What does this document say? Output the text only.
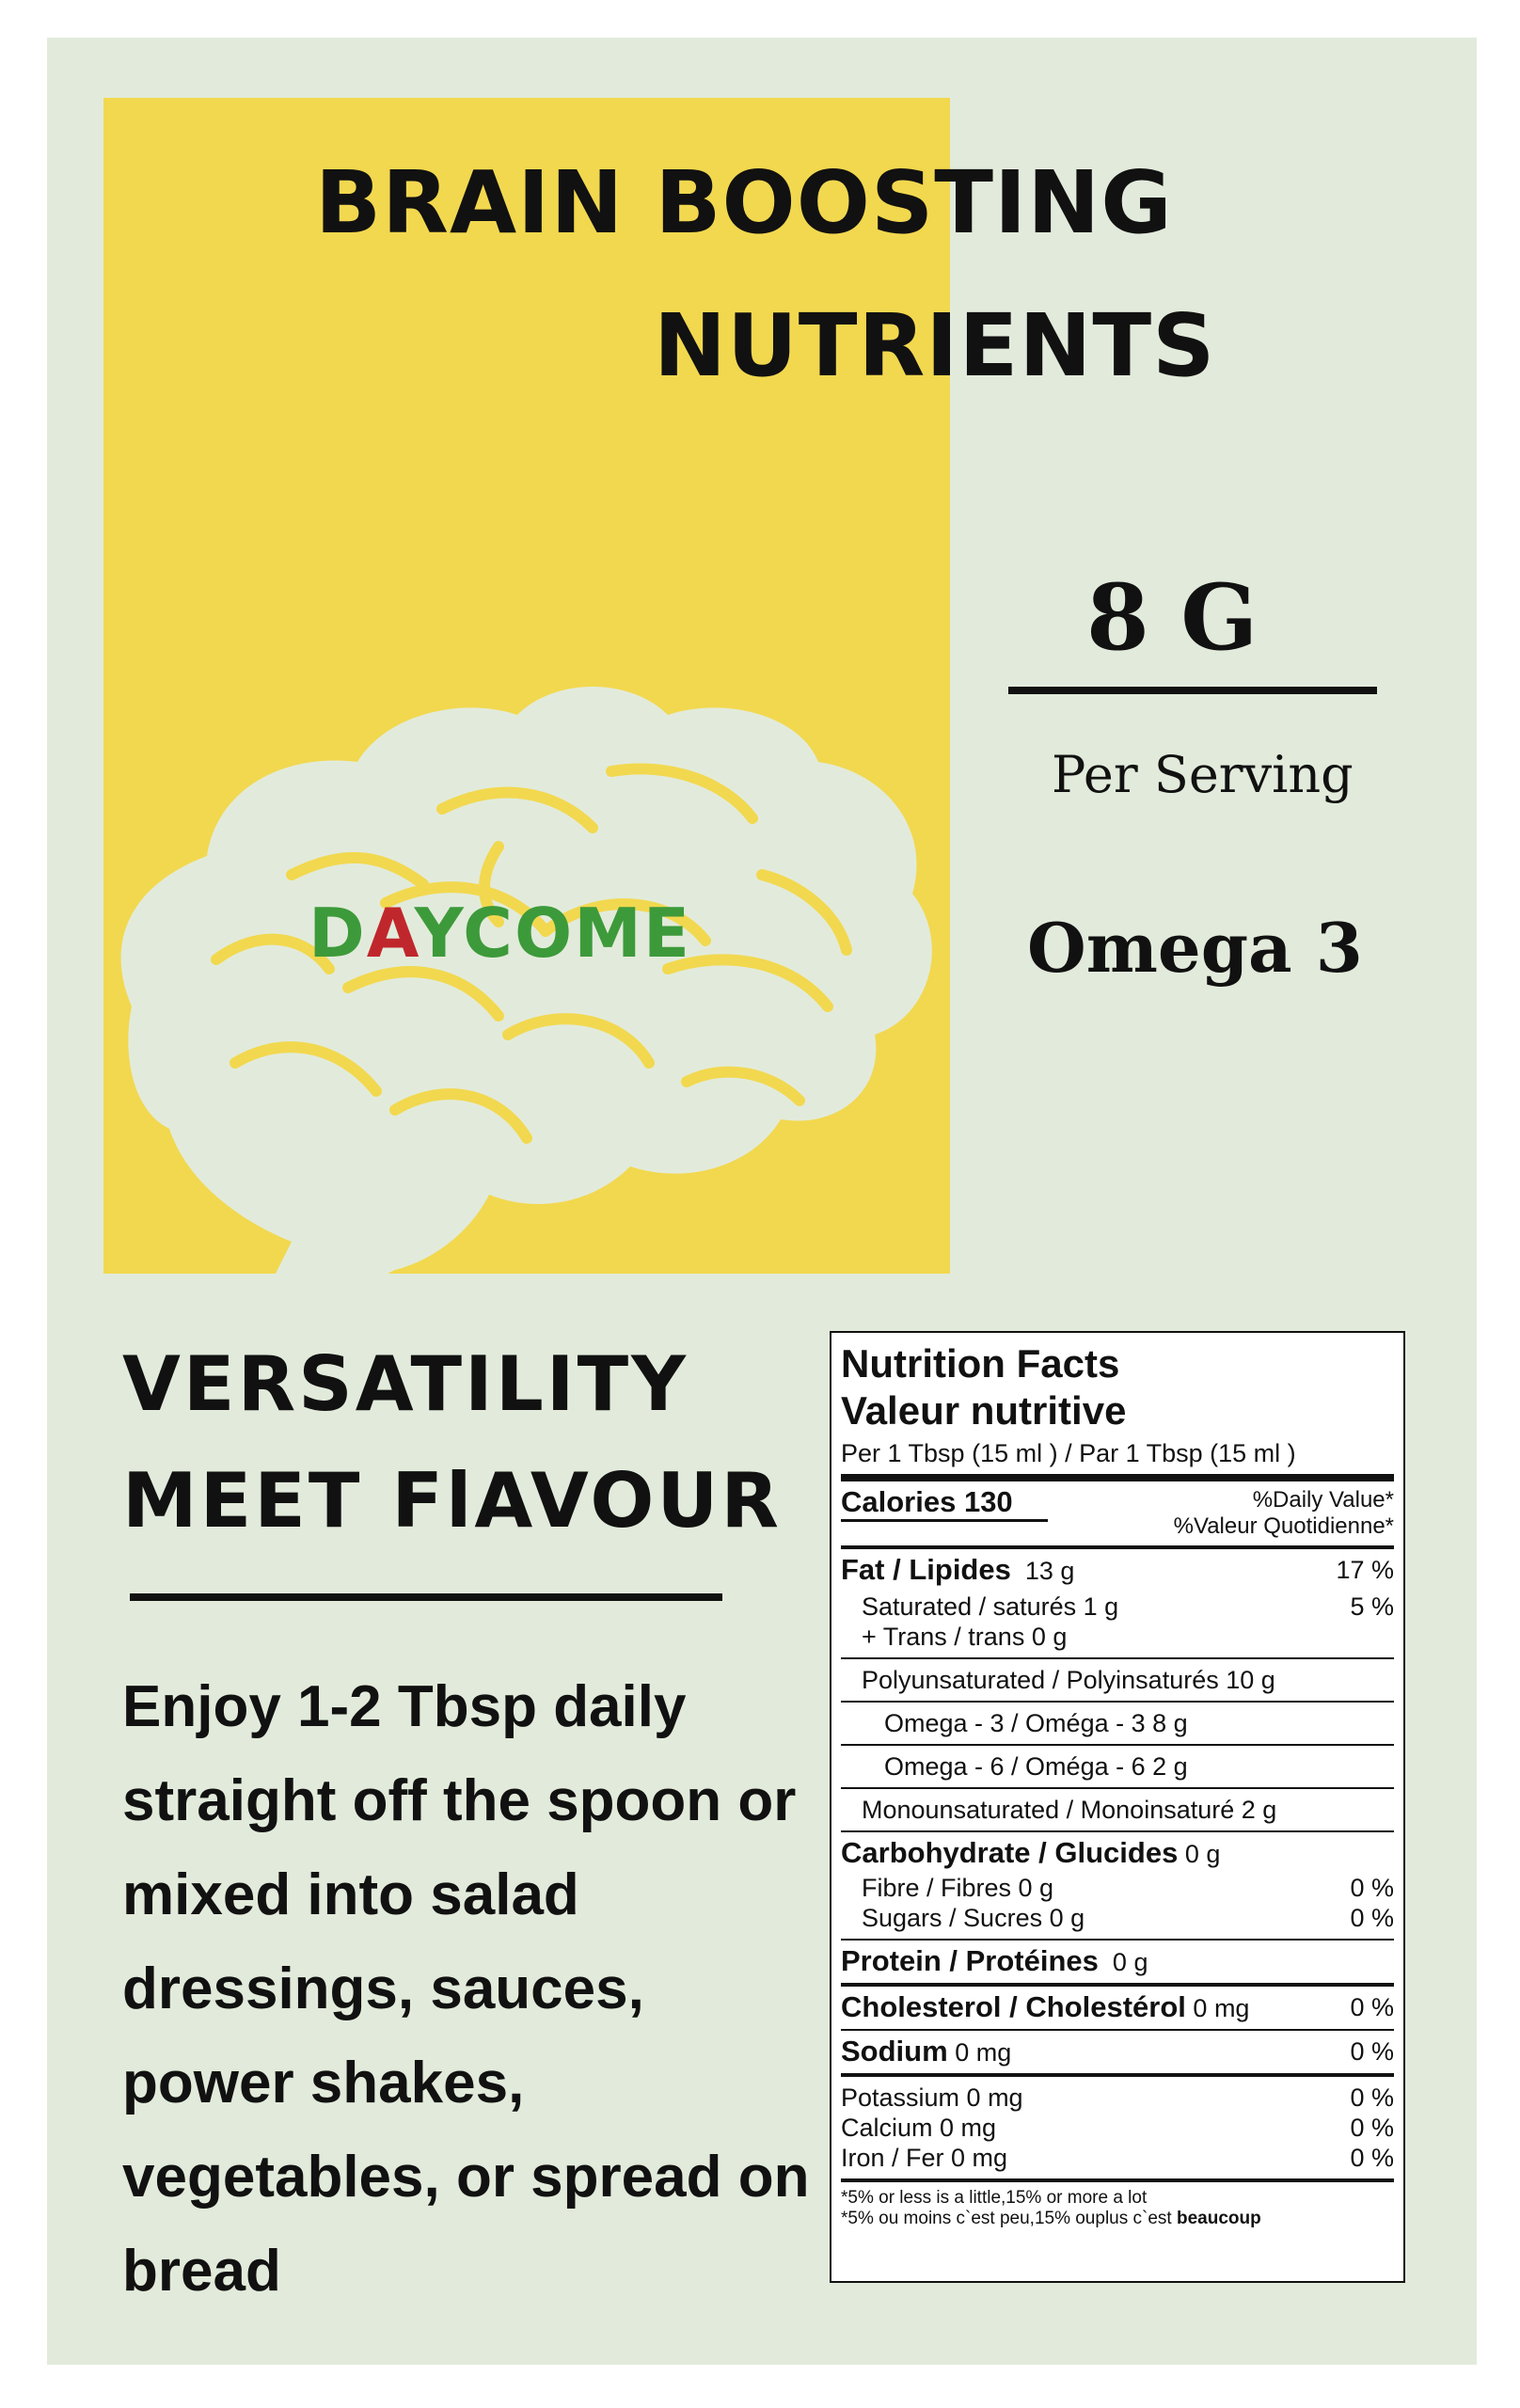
DAYCOME
BRAIN BOOSTING
NUTRIENTS
8 G
Per Serving
Omega 3
VERSATILITY
MEET FlAVOUR
Enjoy 1-2 Tbsp daily straight off the spoon or mixed into salad dressings, sauces, power shakes, vegetables, or spread on bread
Nutrition Facts
Valeur nutritive
Per 1 Tbsp (15 ml ) / Par 1 Tbsp (15 ml )
Calories 130	%Daily Value*
%Valeur Quotidienne*
Fat / Lipides 13 g	17 %
Saturated / saturés 1 g	5 %
+ Trans / trans 0 g
Polyunsaturated / Polyinsaturés 10 g
Omega - 3 / Oméga - 3 8 g
Omega - 6 / Oméga - 6 2 g
Monounsaturated / Monoinsaturé 2 g
Carbohydrate / Glucides 0 g
Fibre / Fibres 0 g	0 %
Sugars / Sucres 0 g	0 %
Protein / Protéines 0 g
Cholesterol / Cholestérol 0 mg	0 %
Sodium 0 mg	0 %
Potassium 0 mg	0 %
Calcium 0 mg	0 %
Iron / Fer 0 mg	0 %
*5% or less is a little,15% or more a lot
*5% ou moins c`est peu,15% ouplus c`est beaucoup
